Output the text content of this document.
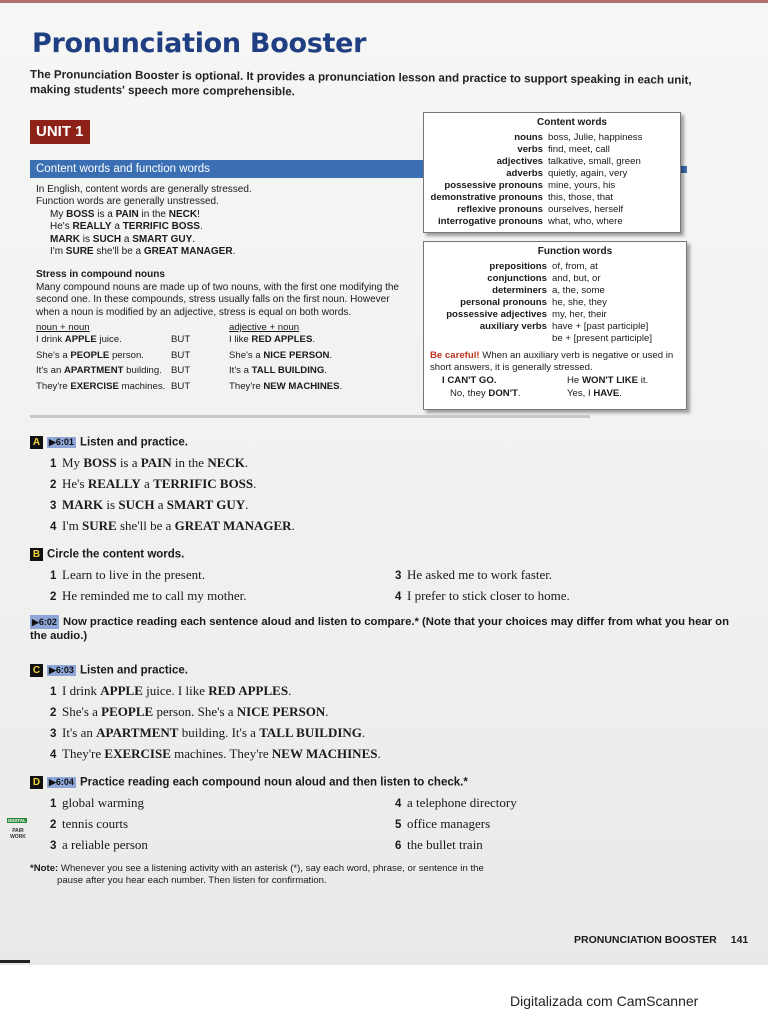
Pronunciation Booster

The Pronunciation Booster is optional. It provides a pronunciation lesson and practice to support speaking in each unit, making students' speech more comprehensible.

UNIT 1
Content words and function words

In English, content words are generally stressed.

Function words are generally unstressed.

My BOSS is a PAIN in the NECK!

He's REALLY a TERRIFIC BOSS.

MARK is SUCH a SMART GUY.

I'm SURE she'll be a GREAT MANAGER.

Stress in compound nouns

Many compound nouns are made up of two nouns, with the first one modifying the second one. In these compounds, stress usually falls on the first noun. However when a noun is modified by an adjective, stress is equal on both words.

noun + noun		adjective + noun
I drink APPLE juice.	BUT	I like RED APPLES.
She's a PEOPLE person.	BUT	She's a NICE PERSON.
It's an APARTMENT building.	BUT	It's a TALL BUILDING.
They're EXERCISE machines.	BUT	They're NEW MACHINES.
Content words
nouns	boss, Julie, happiness
verbs	find, meet, call
adjectives	talkative, small, green
adverbs	quietly, again, very
possessive pronouns	mine, yours, his
demonstrative pronouns	this, those, that
reflexive pronouns	ourselves, herself
interrogative pronouns	what, who, where
Function words
prepositions	of, from, at
conjunctions	and, but, or
determiners	a, the, some
personal pronouns	he, she, they
possessive adjectives	my, her, their
auxiliary verbs	have + [past participle]
	be + [present participle]
Be careful! When an auxiliary verb is negative or used in short answers, it is generally stressed.
I CAN'T GO.	He WON'T LIKE it.
No, they DON'T.	Yes, I HAVE.
A ▶6:01 Listen and practice.
1 My BOSS is a PAIN in the NECK.
2 He's REALLY a TERRIFIC BOSS.
3 MARK is SUCH a SMART GUY.
4 I'm SURE she'll be a GREAT MANAGER.
B Circle the content words.
1 Learn to live in the present.
2 He reminded me to call my mother.
3 He asked me to work faster.
4 I prefer to stick closer to home.
▶6:02 Now practice reading each sentence aloud and listen to compare.* (Note that your choices may differ from what you hear on the audio.)
C ▶6:03 Listen and practice.
1 I drink APPLE juice. I like RED APPLES.
2 She's a PEOPLE person. She's a NICE PERSON.
3 It's an APARTMENT building. It's a TALL BUILDING.
4 They're EXERCISE machines. They're NEW MACHINES.
D ▶6:04 Practice reading each compound noun aloud and then listen to check.*
1 global warming
2 tennis courts
3 a reliable person
4 a telephone directory
5 office managers
6 the bullet train
DIGITAL
PAIR WORK
*Note: Whenever you see a listening activity with an asterisk (*), say each word, phrase, or sentence in the
pause after you hear each number. Then listen for confirmation.
PRONUNCIATION BOOSTER 141
Digitalizada com CamScanner
